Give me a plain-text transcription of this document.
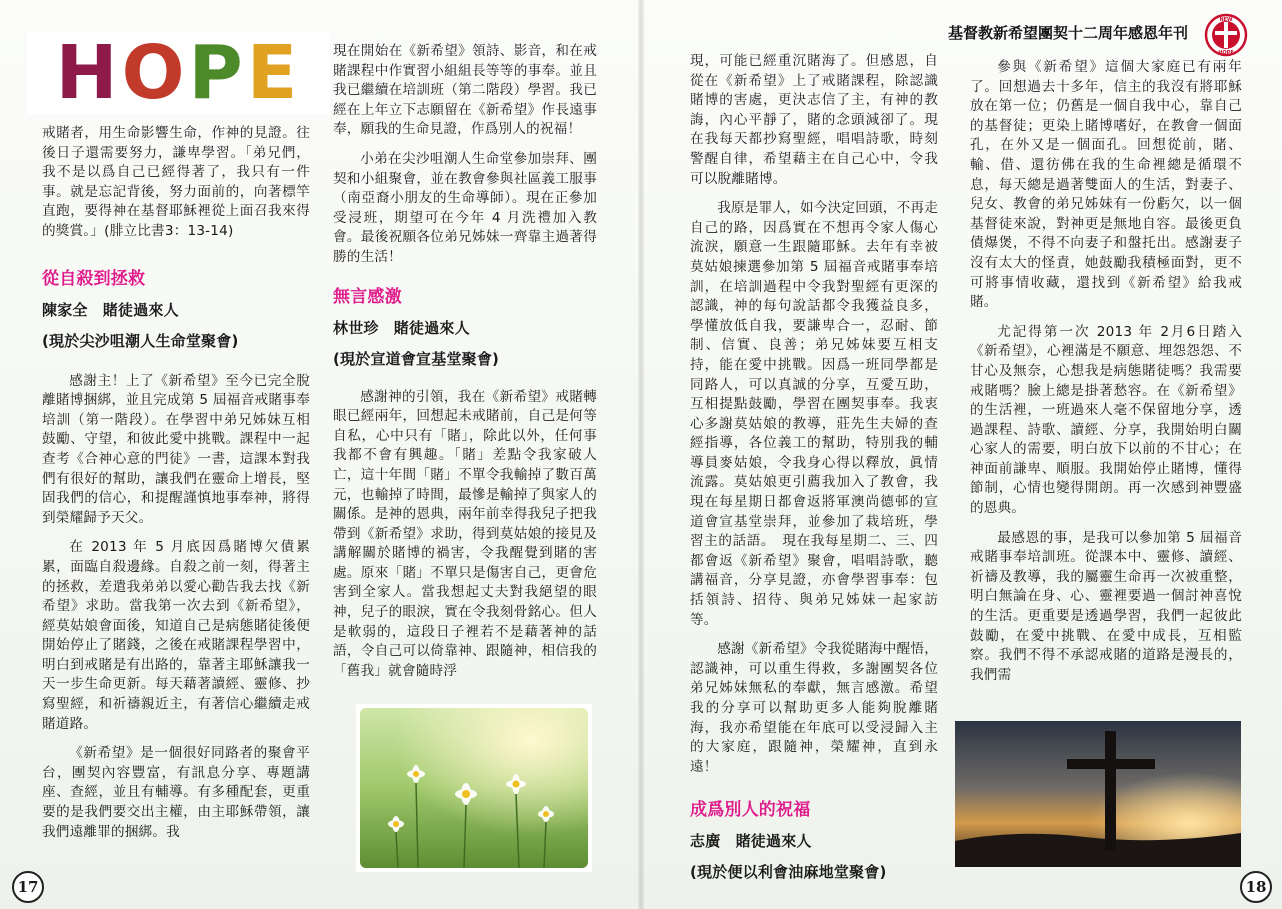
HOPE	基督教新希望團契十二周年感恩年刊
NEW
HOPE

戒賭者，用生命影響生命，作神的見證。往後日子還需要努力，謙卑學習。「弟兄們，我不是以爲自己已經得著了，我只有一件事。就是忘記背後，努力面前的，向著標竿直跑，要得神在基督耶穌裡從上面召我來得的獎賞。」(腓立比書3：13-14)

從自殺到拯救

陳家全　賭徒過來人

(現於尖沙咀潮人生命堂聚會)

感謝主！上了《新希望》至今已完全脫離賭博捆綁，並且完成第 5 屆福音戒賭事奉培訓（第一階段）。在學習中弟兄姊妹互相鼓勵、守望，和彼此愛中挑戰。課程中一起查考《合神心意的門徒》一書，這課本對我們有很好的幫助，讓我們在靈命上增長，堅固我們的信心，和提醒謹慎地事奉神，將得到榮耀歸予天父。

在 2013 年 5 月底因爲賭博欠債累累，面臨自殺邊緣。自殺之前一刻，得著主的拯救，差遣我弟弟以愛心勸告我去找《新希望》求助。當我第一次去到《新希望》，經莫姑娘會面後，知道自己是病態賭徒後便開始停止了賭錢，之後在戒賭課程學習中，明白到戒賭是有出路的，靠著主耶穌讓我一天一步生命更新。每天藉著讀經、靈修、抄寫聖經，和祈禱親近主，有著信心繼續走戒賭道路。

《新希望》是一個很好同路者的聚會平台，團契內容豐富，有訊息分享、專題講座、查經，並且有輔導。有多種配套，更重要的是我們要交出主權，由主耶穌帶領，讓我們遠離罪的捆綁。我

現在開始在《新希望》領詩、影音，和在戒賭課程中作實習小組組長等等的事奉。並且我已繼續在培訓班（第二階段）學習。我已經在上年立下志願留在《新希望》作長遠事奉，願我的生命見證，作爲別人的祝福！

小弟在尖沙咀潮人生命堂參加崇拜、團契和小組聚會，並在教會參與社區義工服事（南亞裔小朋友的生命導師）。現在正參加受浸班，期望可在今年 4 月洗禮加入教會。最後祝願各位弟兄姊妹一齊靠主過著得勝的生活！

無言感激

林世珍　賭徒過來人

(現於宣道會宣基堂聚會)

感謝神的引領，我在《新希望》戒賭轉眼已經兩年，回想起未戒賭前，自己是何等自私，心中只有「賭」，除此以外，任何事我都不會有興趣。「賭」差點令我家破人亡，這十年間「賭」不單令我輸掉了數百萬元，也輸掉了時間，最慘是輸掉了與家人的關係。是神的恩典，兩年前幸得我兒子把我帶到《新希望》求助，得到莫姑娘的接見及講解關於賭博的禍害，令我醒覺到賭的害處。原來「賭」不單只是傷害自己，更會危害到全家人。當我想起丈夫對我絕望的眼神，兒子的眼淚，實在令我刻骨銘心。但人是軟弱的，這段日子裡若不是藉著神的話語，令自己可以倚靠神、跟隨神，相信我的「舊我」就會隨時浮

現，可能已經重沉賭海了。但感恩，自從在《新希望》上了戒賭課程，除認識賭博的害處，更決志信了主，有神的教誨，內心平靜了，賭的念頭減卻了。現在我每天都抄寫聖經，唱唱詩歌，時刻警醒自律，希望藉主在自己心中，令我可以脫離賭博。

我原是罪人，如今決定回頭，不再走自己的路，因爲實在不想再令家人傷心流淚，願意一生跟隨耶穌。去年有幸被莫姑娘揀選參加第 5 屆福音戒賭事奉培訓，在培訓過程中令我對聖經有更深的認識，神的每句說話都令我獲益良多，學懂放低自我，要謙卑合一，忍耐、節制、信實、良善；弟兄姊妹要互相支持，能在愛中挑戰。因爲一班同學都是同路人，可以真誠的分享，互愛互助，互相提點鼓勵，學習在團契事奉。我衷心多謝莫姑娘的教導，莊先生夫婦的查經指導，各位義工的幫助，特別我的輔導員麥姑娘，令我身心得以釋放，眞情流露。莫姑娘更引薦我加入了教會，我現在每星期日都會返將軍澳尚德邨的宣道會宣基堂崇拜，並參加了栽培班，學習主的話語。　現在我每星期二、三、四都會返《新希望》聚會，唱唱詩歌，聽講福音，分享見證，亦會學習事奉：包括領詩、招待、與弟兄姊妹一起家訪等。

感謝《新希望》令我從賭海中醒悟，認識神，可以重生得救，多謝團契各位弟兄姊妹無私的奉獻，無言感激。希望我的分享可以幫助更多人能夠脫離賭海，我亦希望能在年底可以受浸歸入主的大家庭，跟隨神，榮耀神，直到永遠！

成爲別人的祝福

志廣　賭徒過來人

(現於便以利會油麻地堂聚會)

參與《新希望》這個大家庭已有兩年了。回想過去十多年，信主的我沒有將耶穌放在第一位；仍舊是一個自我中心，靠自己的基督徒；更染上賭博嗜好，在教會一個面孔，在外又是一個面孔。回想從前，賭、輸、借、還彷佛在我的生命裡總是循環不息，每天總是過著雙面人的生活，對妻子、兒女、教會的弟兄姊妹有一份虧欠，以一個基督徒來說，對神更是無地自容。最後更負債爆煲，不得不向妻子和盤托出。感謝妻子沒有太大的怪責，她鼓勵我積極面對，更不可將事情收藏，還找到《新希望》給我戒賭。

尤記得第一次 2013 年 2月6日踏入《新希望》，心裡滿是不願意、埋怨怨怨、不甘心及無奈，心想我是病態賭徒嗎？我需要戒賭嗎？臉上總是掛著愁容。在《新希望》的生活裡，一班過來人毫不保留地分享，透過課程、詩歌、讀經、分享，我開始明白關心家人的需要，明白放下以前的不甘心；在神面前謙卑、順服。我開始停止賭博，懂得節制，心情也變得開朗。再一次感到神豐盛的恩典。

最感恩的事，是我可以參加第 5 屆福音戒賭事奉培訓班。從課本中、靈修、讀經、祈禱及教導，我的屬靈生命再一次被重整，明白無論在身、心、靈裡要過一個討神喜悅的生活。更重要是透過學習，我們一起彼此鼓勵，在愛中挑戰、在愛中成長，互相監察。我們不得不承認戒賭的道路是漫長的，我們需

17	18
